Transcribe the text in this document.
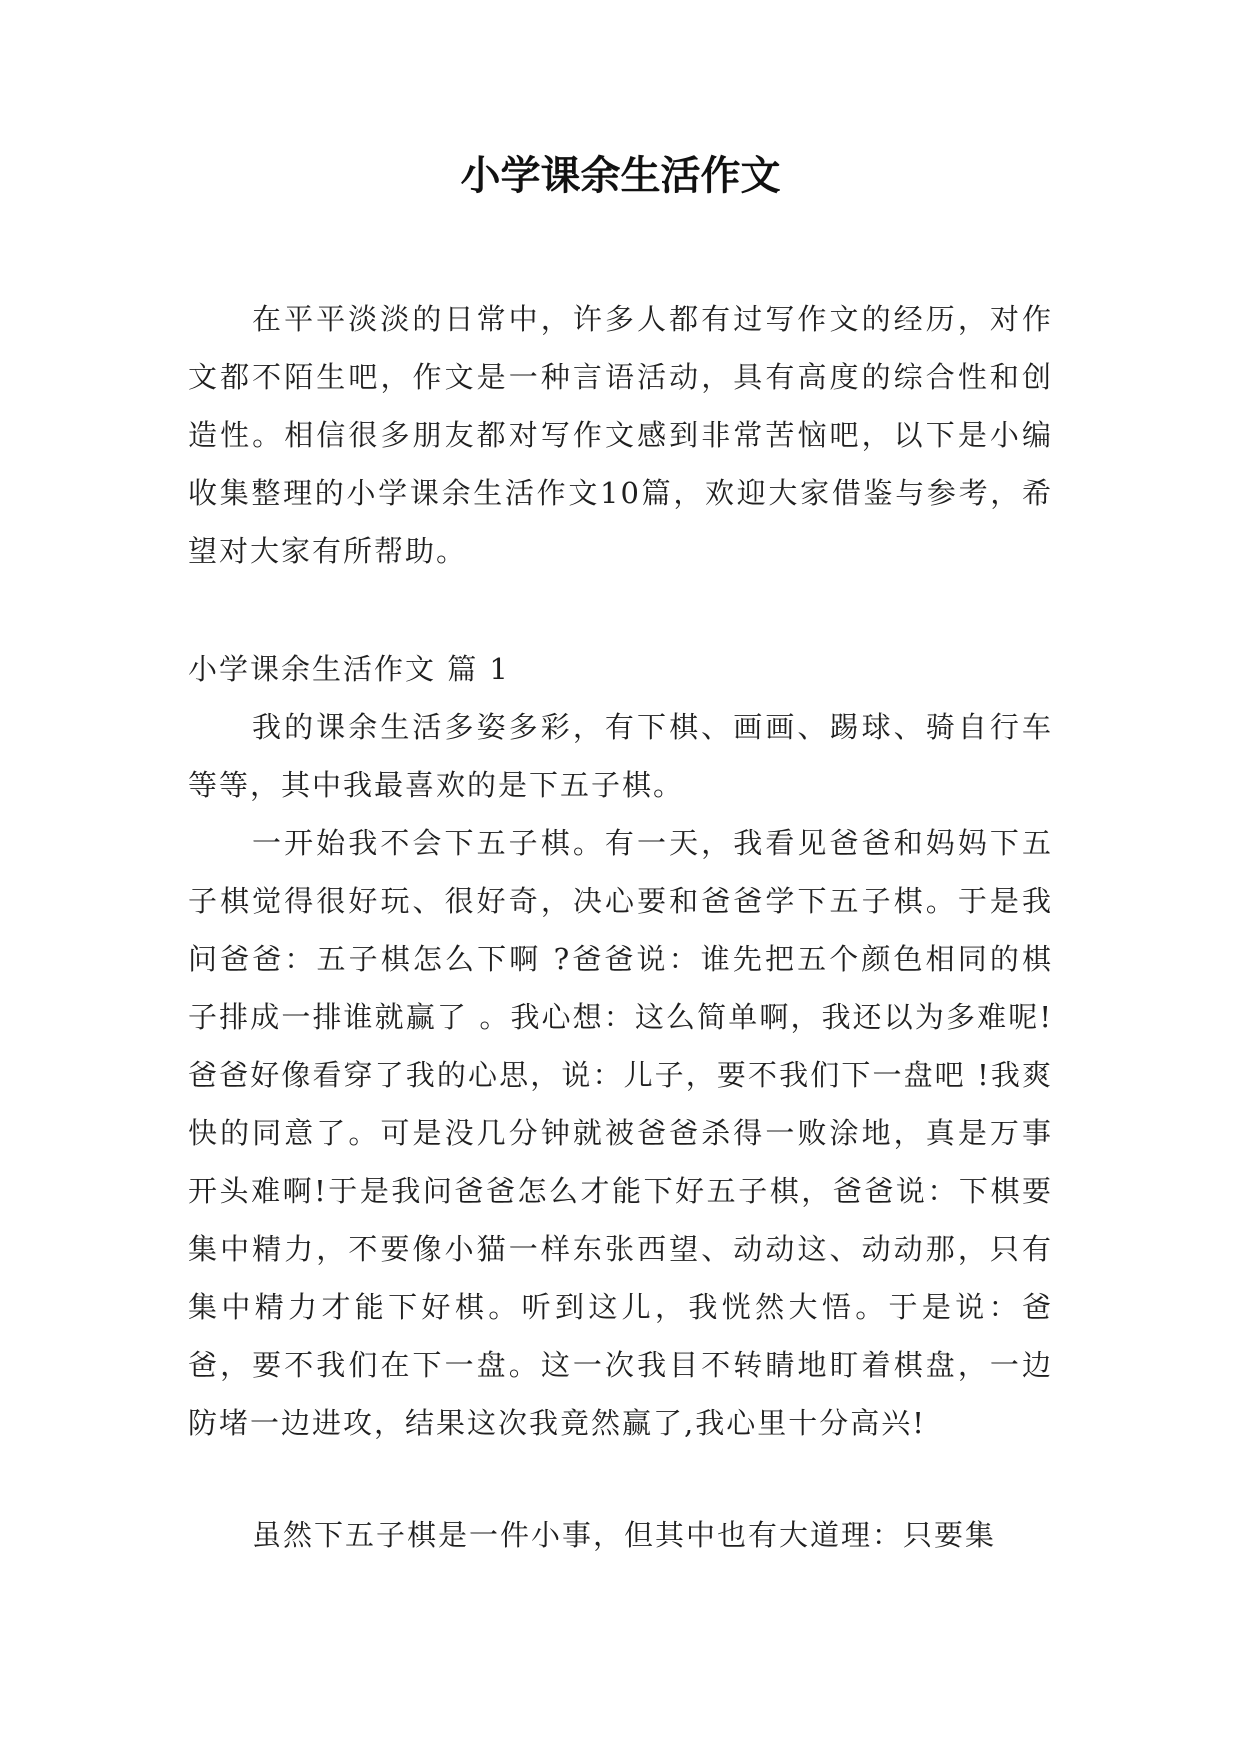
小学课余生活作文

在平平淡淡的日常中，许多人都有过写作文的经历，对作文都不陌生吧，作文是一种言语活动，具有高度的综合性和创造性。相信很多朋友都对写作文感到非常苦恼吧，以下是小编收集整理的小学课余生活作文10篇，欢迎大家借鉴与参考，希望对大家有所帮助。

小学课余生活作文 篇 1

我的课余生活多姿多彩，有下棋、画画、踢球、骑自行车等等，其中我最喜欢的是下五子棋。

一开始我不会下五子棋。有一天，我看见爸爸和妈妈下五子棋觉得很好玩、很好奇，决心要和爸爸学下五子棋。于是我问爸爸：五子棋怎么下啊 ?爸爸说：谁先把五个颜色相同的棋子排成一排谁就赢了 。我心想：这么简单啊，我还以为多难呢!爸爸好像看穿了我的心思，说：儿子，要不我们下一盘吧 !我爽快的同意了。可是没几分钟就被爸爸杀得一败涂地，真是万事开头难啊!于是我问爸爸怎么才能下好五子棋，爸爸说：下棋要集中精力，不要像小猫一样东张西望、动动这、动动那，只有集中精力才能下好棋。听到这儿，我恍然大悟。于是说：爸爸，要不我们在下一盘。这一次我目不转睛地盯着棋盘，一边防堵一边进攻，结果这次我竟然赢了,我心里十分高兴!

虽然下五子棋是一件小事，但其中也有大道理：只要集
